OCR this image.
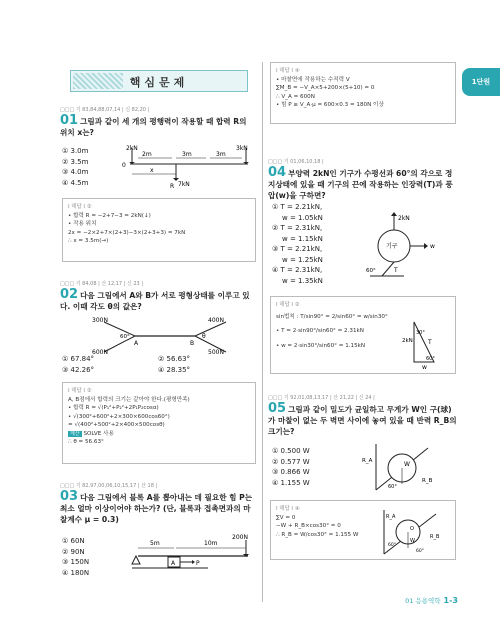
1단원
핵심문제
□□□ 기 83,84,88,07,14 | 신 82,20 |
01 그림과 같이 세 개의 평행력이 작용할 때 합력 R의 위치 x는?
① 3.0m
② 3.5m
③ 4.0m
④ 4.5m
0
2m	3m	3m
2kN	3kN
7kN
x
R
I 해답 I ②
• 합력 R = −2+7−3 = 2kN(↓)
• 작용 위치
2x = −2×2+7×(2+3)−3×(2+3+3) = 7kN
∴ x = 3.5m(→)
□□□ 기 84,08 | 산 12,17 | 신 23 |
02 다음 그림에서 A와 B가 서로 평형상태를 이루고 있다. 이때 각도 θ의 값은?
300N	400N
600N	500N
A	B
60°	θ
① 67.84°	② 56.63° ③ 42.26°	④ 28.35°
I 해답 I ②
A, B점에서 합력의 크기는 같아야 한다.(평형만족)
• 합력 R = √(P₁²+P₂²+2P₁P₂cosα)
• √(300²+600²+2×300×600cos60°)
= √(400²+500²+2×400×500cosθ)
계산 SOLVE 사용
∴ θ = 56.63°
□□□ 기 82,97,00,06,10,15,17 | 산 18 |
03 다음 그림에서 블록 A를 뽑아내는 데 필요한 힘 P는 최소 얼마 이상이어야 하는가? (단, 블록과 접촉면과의 마찰계수 μ = 0.3)
① 60N
② 90N
③ 150N
④ 180N
5m	10m
200N
A	P
I 해답 I ④
• 마찰면에 작용하는 수직력 V
∑M_B = −V_A×5+200×(5+10) = 0
∴ V_A = 600N
• 힘 P ≥ V_A·μ = 600×0.3 = 180N 이상
□□□ 기 01,06,10,18 |
04 부양력 2kN인 기구가 수평선과 60°의 각으로 정지상태에 있을 때 기구의 끈에 작용하는 인장력(T)과 풍압(w)을 구하면?
① T = 2.21kN,
w = 1.05kN
② T = 2.31kN,
w = 1.15kN
③ T = 2.21kN,
w = 1.25kN
④ T = 2.31kN,
w = 1.35kN
2kN
w
기구
60°	T
I 해답 I ②
sin법칙 : T/sin90° = 2/sin60° = w/sin30°
• T = 2·sin90°/sin60° = 2.31kN
• w = 2·sin30°/sin60° = 1.15kN
2kN
30°
T
60°
w
□□□ 기 92,01,08,13,17 | 산 21,22 | 신 24 |
05 그림과 같이 밀도가 균일하고 무게가 W인 구(球)가 마찰이 없는 두 벽면 사이에 놓여 있을 때 반력 R_B의 크기는?
① 0.500 W
② 0.577 W
③ 0.866 W
④ 1.155 W
R_A	W
60°
R_B
I 해답 I ④
∑V = 0
−W + R_B×cos30° = 0
∴ R_B = W/cos30° = 1.155 W
R_A
O
W
60°
60°
R_B
01 응용역학 1-3
